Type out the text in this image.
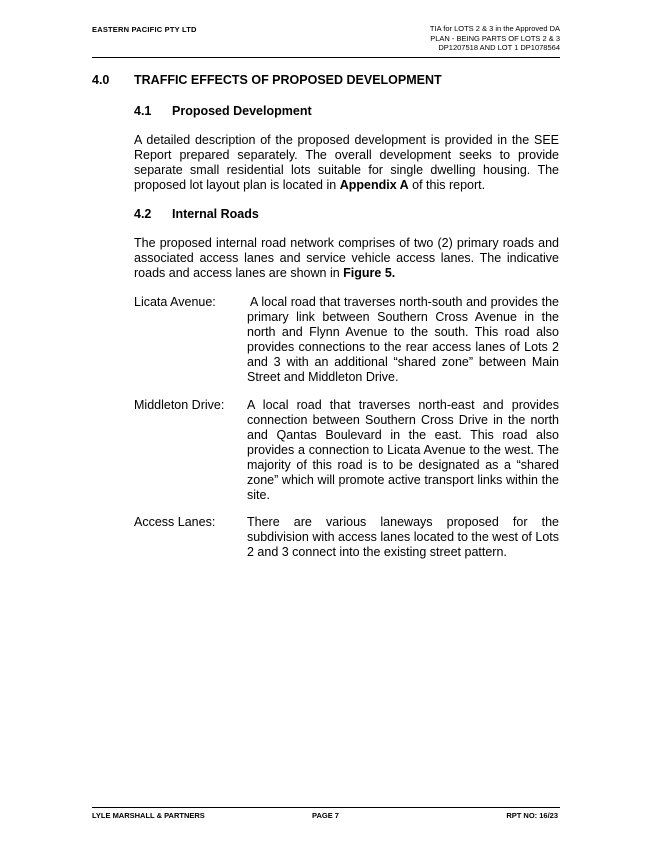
EASTERN PACIFIC PTY LTD	TIA for LOTS 2 & 3 in the Approved DA
PLAN - BEING PARTS OF LOTS 2 & 3
DP1207518 AND LOT 1 DP1078564
4.0 TRAFFIC EFFECTS OF PROPOSED DEVELOPMENT
4.1 Proposed Development
A detailed description of the proposed development is provided in the SEE Report prepared separately. The overall development seeks to provide separate small residential lots suitable for single dwelling housing. The proposed lot layout plan is located in Appendix A of this report.
4.2 Internal Roads
The proposed internal road network comprises of two (2) primary roads and associated access lanes and service vehicle access lanes. The indicative roads and access lanes are shown in Figure 5.
Licata Avenue:	A local road that traverses north-south and provides the primary link between Southern Cross Avenue in the north and Flynn Avenue to the south. This road also provides connections to the rear access lanes of Lots 2 and 3 with an additional “shared zone” between Main Street and Middleton Drive.
Middleton Drive: A local road that traverses north-east and provides connection between Southern Cross Drive in the north and Qantas Boulevard in the east. This road also provides a connection to Licata Avenue to the west. The majority of this road is to be designated as a “shared zone” which will promote active transport links within the site.
Access Lanes:	There are various laneways proposed for the subdivision with access lanes located to the west of Lots 2 and 3 connect into the existing street pattern.
LYLE MARSHALL & PARTNERS	PAGE 7	RPT NO: 16/23
